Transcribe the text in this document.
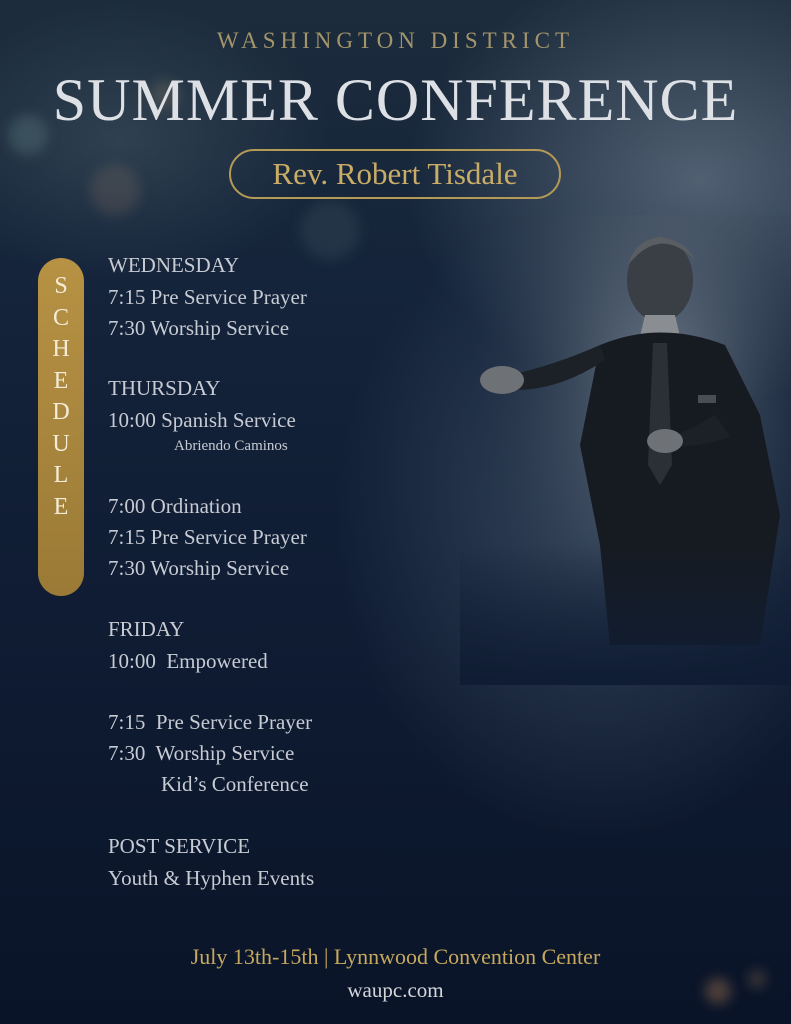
WASHINGTON DISTRICT
SUMMER CONFERENCE
Rev. Robert Tisdale
S
C
H
E
D
U
L
E
WEDNESDAY
7:15 Pre Service Prayer
7:30 Worship Service
THURSDAY
10:00 Spanish Service
Abriendo Caminos
7:00 Ordination
7:15 Pre Service Prayer
7:30 Worship Service
FRIDAY
10:00  Empowered
7:15  Pre Service Prayer
7:30  Worship Service
Kid’s Conference
POST SERVICE
Youth & Hyphen Events
July 13th-15th | Lynnwood Convention Center
waupc.com
